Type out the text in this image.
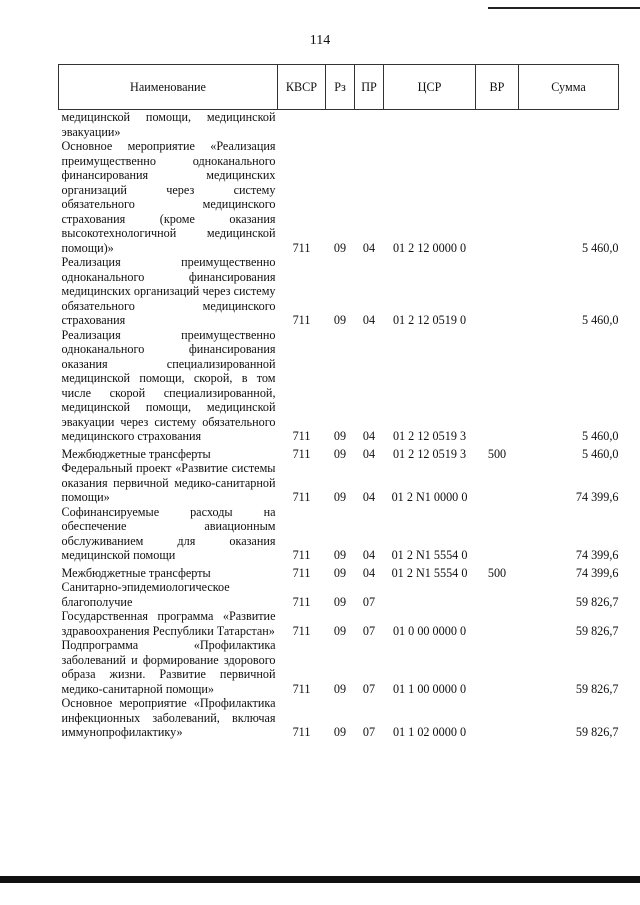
114
Наименование	КВСР	Рз	ПР	ЦСР	ВР	Сумма
медицинской помощи, медицинской эвакуации»						
Основное мероприятие «Реализация преимущественно одноканального финансирования медицинских организаций через систему обязательного медицинского страхования (кроме оказания высокотехнологичной медицинской помощи)»	711	09	04	01 2 12 0000 0		5 460,0
Реализация преимущественно одноканального финансирования медицинских организаций через систему обязательного медицинского страхования	711	09	04	01 2 12 0519 0		5 460,0
Реализация преимущественно одноканального финансирования оказания специализированной медицинской помощи, скорой, в том числе скорой специализированной, медицинской помощи, медицинской эвакуации через систему обязательного медицинского страхования	711	09	04	01 2 12 0519 3		5 460,0
Межбюджетные трансферты	711	09	04	01 2 12 0519 3	500	5 460,0
Федеральный проект «Развитие системы оказания первичной медико-санитарной помощи»	711	09	04	01 2 N1 0000 0		74 399,6
Софинансируемые расходы на обеспечение авиационным обслуживанием для оказания медицинской помощи	711	09	04	01 2 N1 5554 0		74 399,6
Межбюджетные трансферты	711	09	04	01 2 N1 5554 0	500	74 399,6
Санитарно-эпидемиологическое благополучие	711	09	07			59 826,7
Государственная программа «Развитие здравоохранения Республики Татарстан»	711	09	07	01 0 00 0000 0		59 826,7
Подпрограмма «Профилактика заболеваний и формирование здорового образа жизни. Развитие первичной медико-санитарной помощи»	711	09	07	01 1 00 0000 0		59 826,7
Основное мероприятие «Профилактика инфекционных заболеваний, включая иммунопрофилактику»	711	09	07	01 1 02 0000 0		59 826,7
